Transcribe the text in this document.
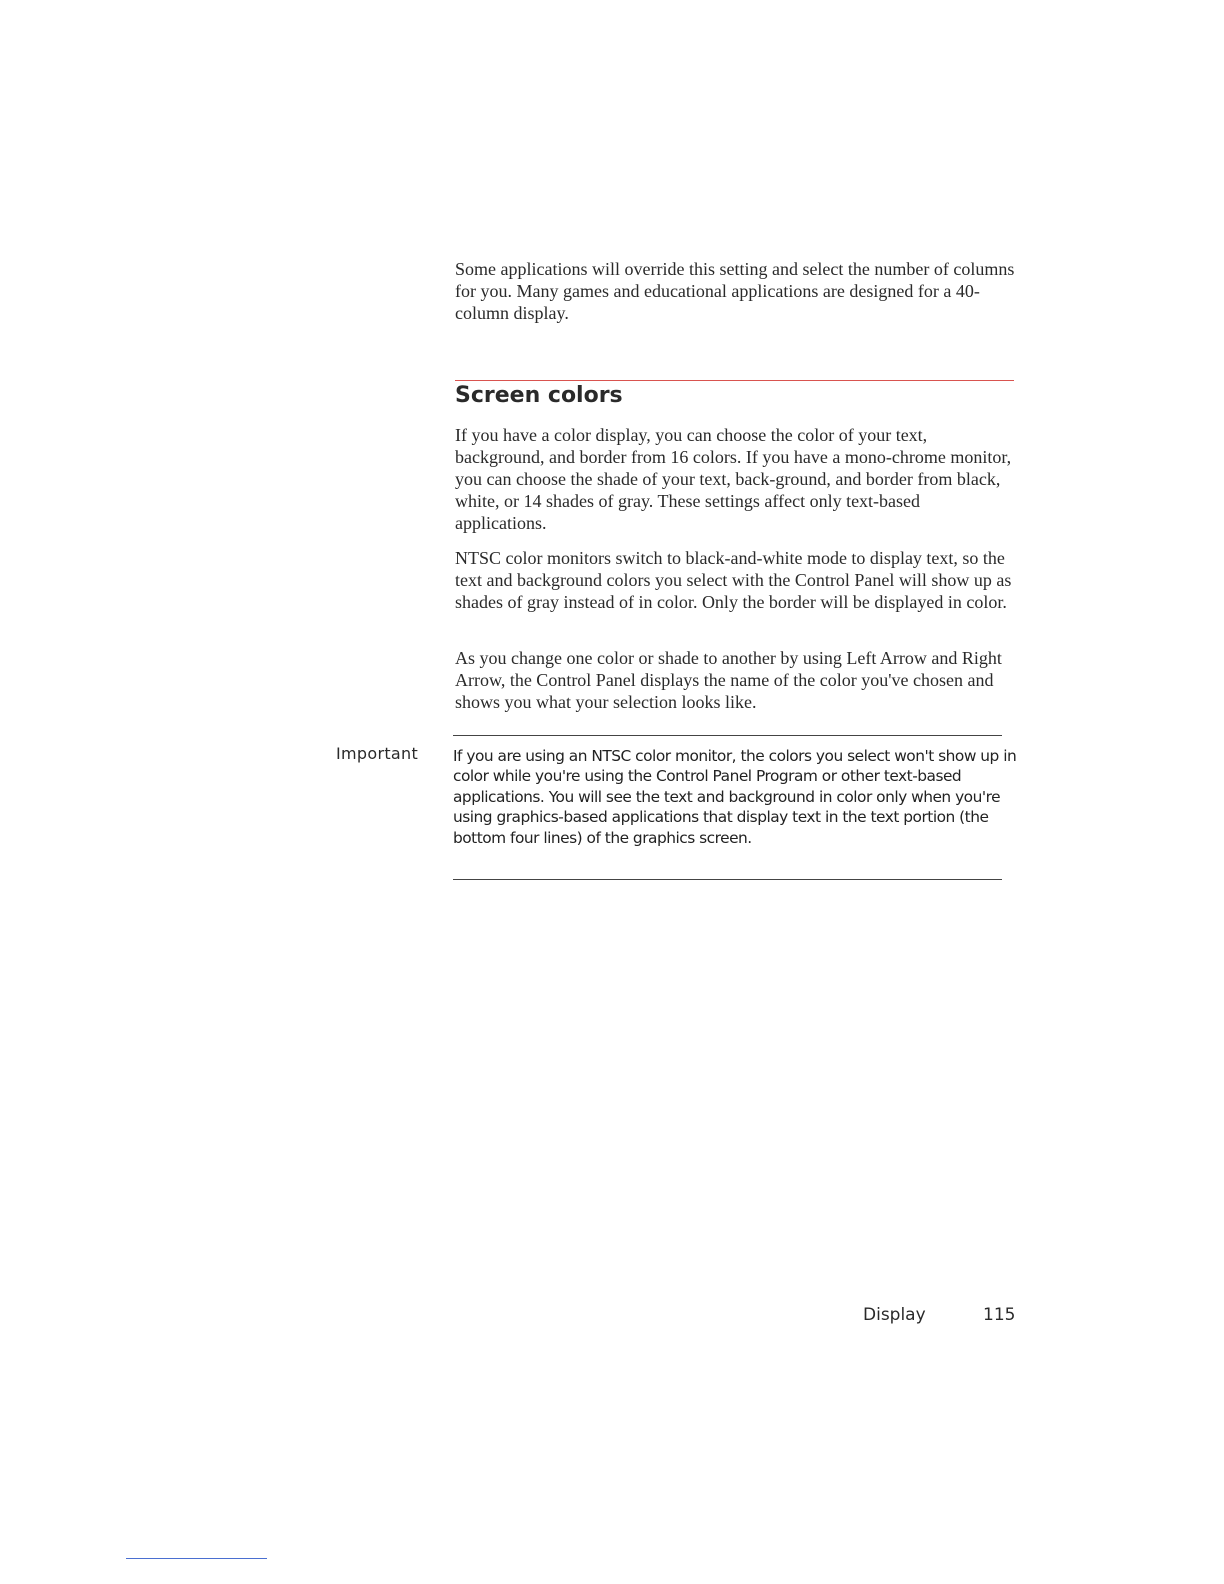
Some applications will override this setting and select the number of columns for you. Many games and educational applications are designed for a 40-column display.

Screen colors

If you have a color display, you can choose the color of your text, background, and border from 16 colors. If you have a mono-chrome monitor, you can choose the shade of your text, back-ground, and border from black, white, or 14 shades of gray. These settings affect only text-based applications.

NTSC color monitors switch to black-and-white mode to display text, so the text and background colors you select with the Control Panel will show up as shades of gray instead of in color. Only the border will be displayed in color.

As you change one color or shade to another by using Left Arrow and Right Arrow, the Control Panel displays the name of the color you've chosen and shows you what your selection looks like.

Important If you are using an NTSC color monitor, the colors you select won't show up in color while you're using the Control Panel Program or other text-based applications. You will see the text and background in color only when you're using graphics-based applications that display text in the text portion (the bottom four lines) of the graphics screen.

Display	115
